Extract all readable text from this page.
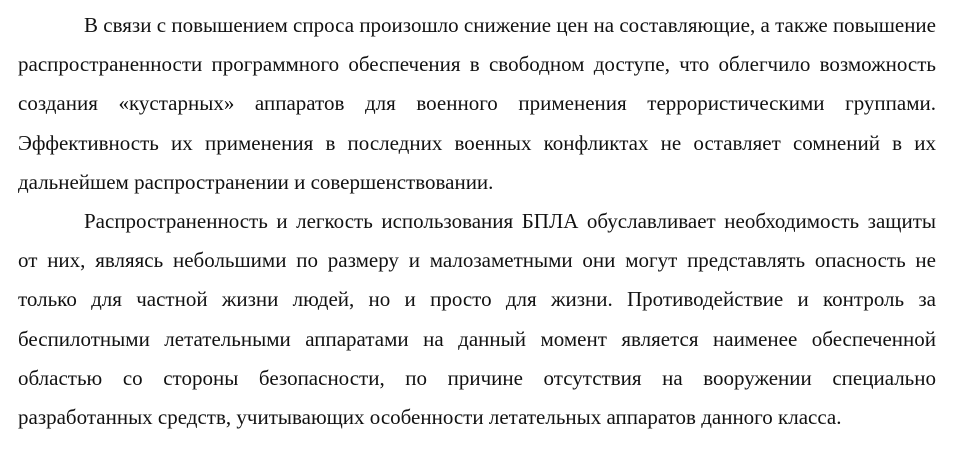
В связи с повышением спроса произошло снижение цен на составляющие, а также повышение распространенности программного обеспечения в свободном доступе, что облегчило возможность создания «кустарных» аппаратов для военного применения террористическими группами. Эффективность их применения в последних военных конфликтах не оставляет сомнений в их дальнейшем распространении и совершенствовании.

Распространенность и легкость использования БПЛА обуславливает необходимость защиты от них, являясь небольшими по размеру и малозаметными они могут представлять опасность не только для частной жизни людей, но и просто для жизни. Противодействие и контроль за беспилотными летательными аппаратами на данный момент является наименее обеспеченной областью со стороны безопасности, по причине отсутствия на вооружении специально разработанных средств, учитывающих особенности летательных аппаратов данного класса.
